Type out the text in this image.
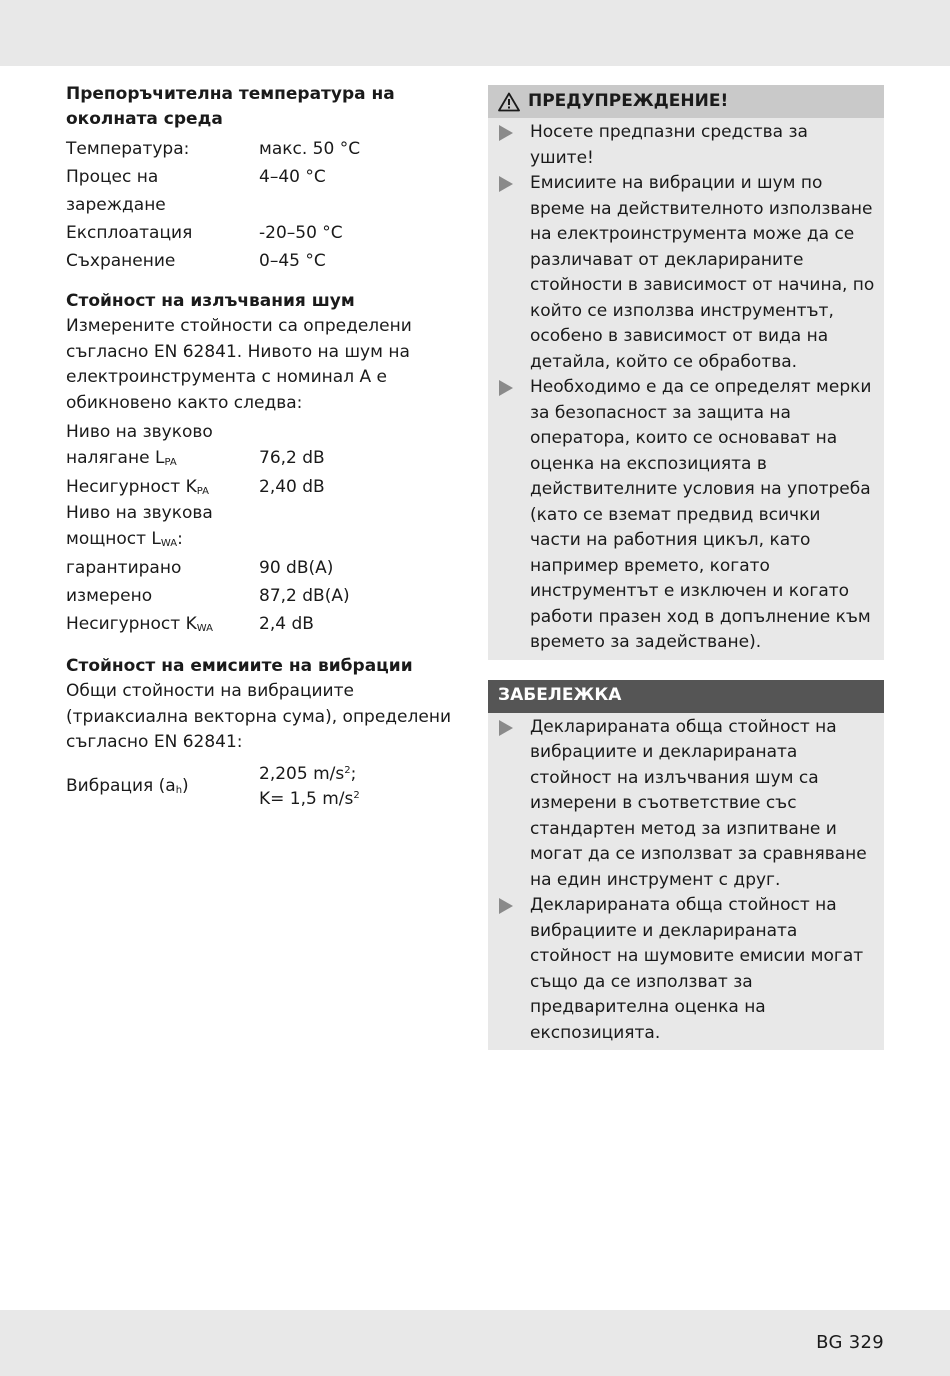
Препоръчителна температура на околната среда
Температура:	макс. 50 °C
Процес на зареждане	4–40 °C
Експлоатация	-20–50 °C
Съхранение	0–45 °C
Стойност на излъчвания шум

Измерените стойности са определени съгласно EN 62841. Нивото на шум на електроинструмента с номинал A е обикновено както следва:

Ниво на звуково
налягане $L_{PA}$	76,2 dB
Несигурност $K_{PA}$	2,40 dB
Ниво на звукова
мощност $L_{WA}$:	
гарантирано	90 dB(A)
измерено	87,2 dB(A)
Несигурност $K_{WA}$	2,4 dB
Стойност на емисиите на вибрации

Общи стойности на вибрациите (триаксиална векторна сума), определени съгласно EN 62841:

Вибрация $(a_h)$	2,205 $m/s^2$;
K= 1,5 $m/s^2$
ПРЕДУПРЕЖДЕНИЕ!
Носете предпазни средства за ушите!
Емисиите на вибрации и шум по време на действителното използване на електроинструмента може да се различават от декларираните стойности в зависимост от начина, по който се използва инструментът, особено в зависимост от вида на детайла, който се обработва.
Необходимо е да се определят мерки за безопасност за защита на оператора, които се основават на оценка на експозицията в действителните условия на употреба (като се вземат предвид всички части на работния цикъл, като например времето, когато инструментът е изключен и когато работи празен ход в допълнение към времето за задействане).
ЗАБЕЛЕЖКА
Декларираната обща стойност на вибрациите и декларираната стойност на излъчвания шум са измерени в съответствие със стандартен метод за изпитване и могат да се използват за сравняване на един инструмент с друг.
Декларираната обща стойност на вибрациите и декларираната стойност на шумовите емисии могат също да се използват за предварителна оценка на експозицията.
BG 329
